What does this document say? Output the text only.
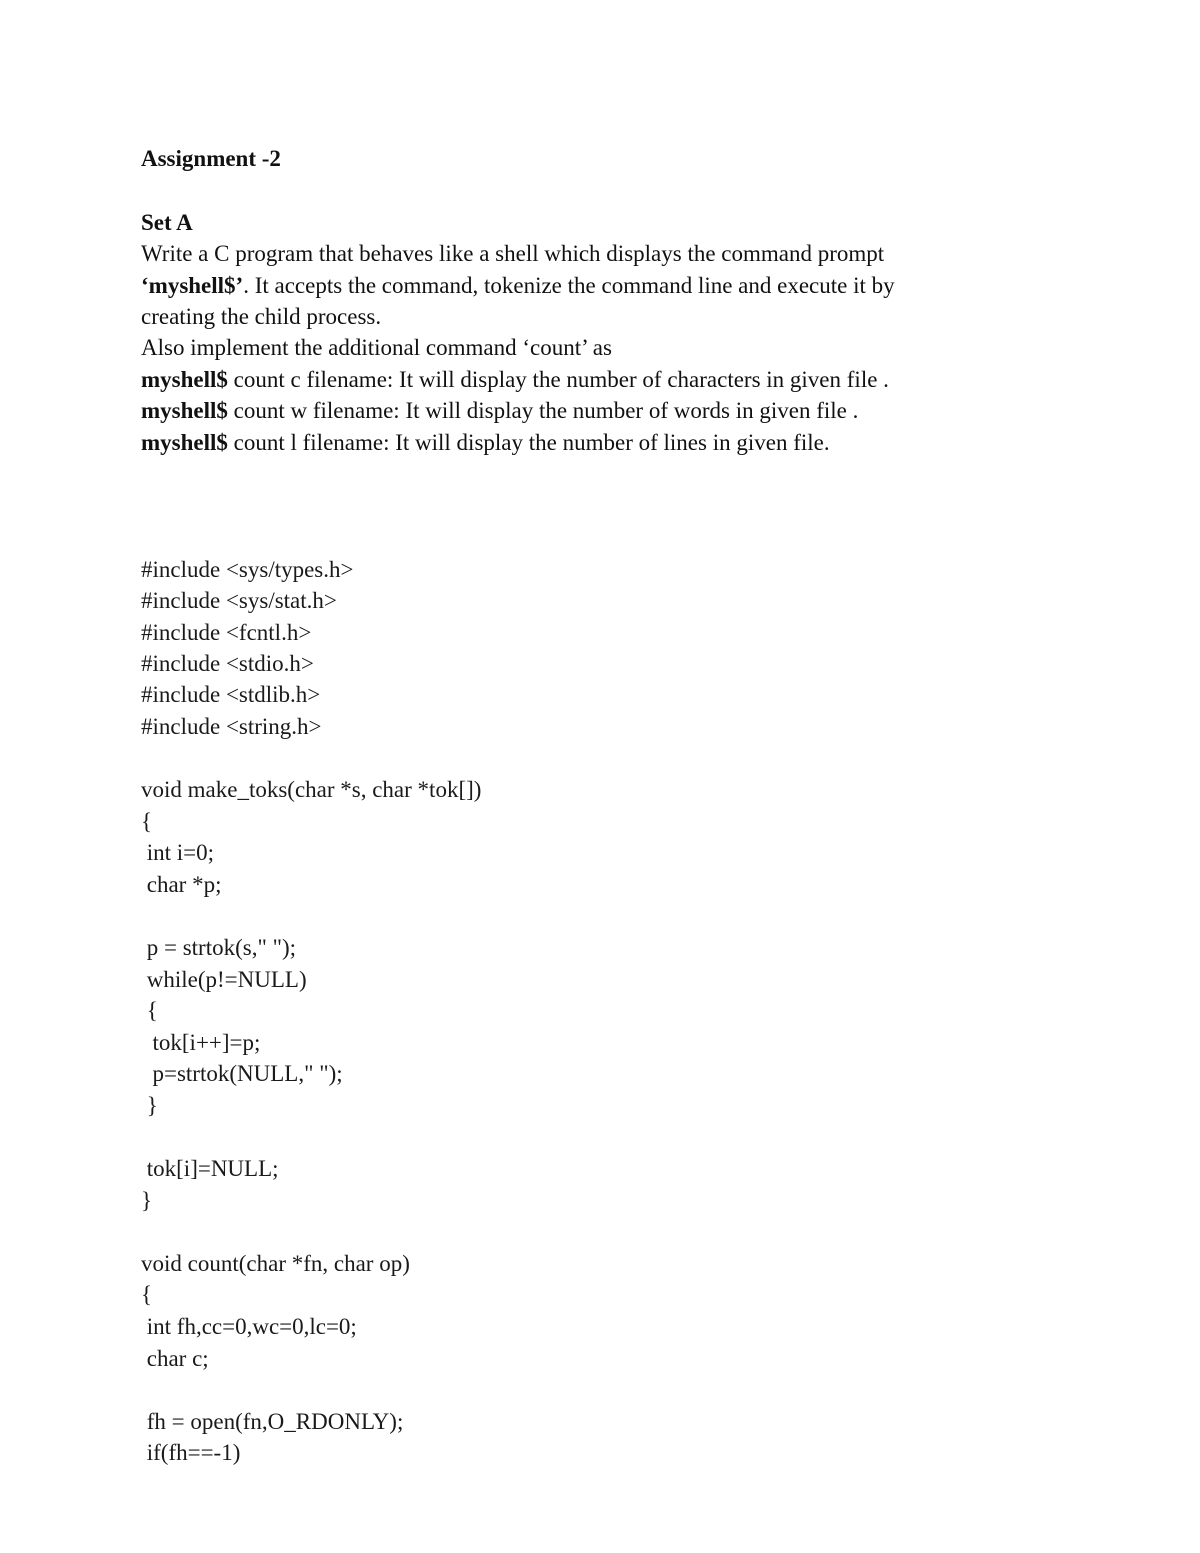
Assignment -2
Set A
Write a C program that behaves like a shell which displays the command prompt
‘myshell$’. It accepts the command, tokenize the command line and execute it by
creating the child process.
Also implement the additional command ‘count’ as
myshell$ count c filename: It will display the number of characters in given file .
myshell$ count w filename: It will display the number of words in given file .
myshell$ count l filename: It will display the number of lines in given file.
#include <sys/types.h>
#include <sys/stat.h>
#include <fcntl.h>
#include <stdio.h>
#include <stdlib.h>
#include <string.h>
void make_toks(char *s, char *tok[])
{
int i=0;
char *p;
p = strtok(s," ");
while(p!=NULL)
{
tok[i++]=p;
p=strtok(NULL," ");
}
tok[i]=NULL;
}
void count(char *fn, char op)
{
int fh,cc=0,wc=0,lc=0;
char c;
fh = open(fn,O_RDONLY);
if(fh==-1)
